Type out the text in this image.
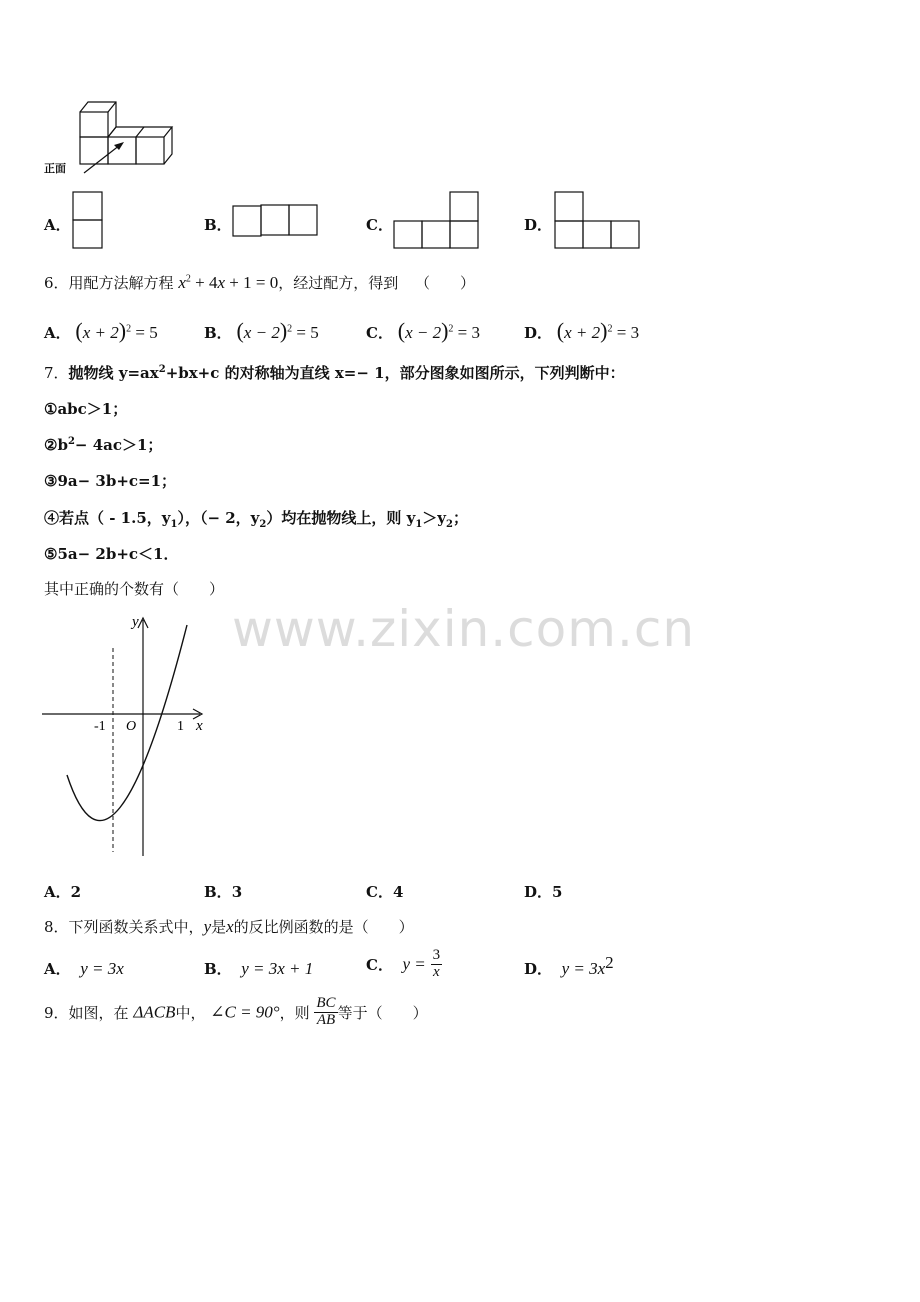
正面
A．	B．	C．	D．
6．用配方法解方程 $x^2 + 4x + 1 = 0$，经过配方，得到 （　　）
A． $(x + 2)^2 = 5$	B． $(x - 2)^2 = 5$	C． $(x - 2)^2 = 3$	D． $(x + 2)^2 = 3$
7．抛物线 $y=ax^2+bx+c$ 的对称轴为直线 x=− 1，部分图象如图所示，下列判断中：
①abc＞1；
$②b^2- 4ac>1$；
③9a− 3b+c=1；
④若点（ - 1.5，$y_1$），（− 2，$y_2$）均在抛物线上，则 $y_1>y_2$；
⑤5a− 2b+c＜1．
其中正确的个数有（　　）
y
x
O
-1	1
www.zixin.com.cn
A．2	B．3	C．4	D．5
8．下列函数关系式中，y是x的反比例函数的是（　　）
A． y = 3x	B． y = 3x + 1	C． $y = \frac{3}{x}$	D． $y = 3x^2$
9．如图，在 ΔACB中， ∠C = 90°，则 $\frac{BC}{AB}$ 等于（　　）
